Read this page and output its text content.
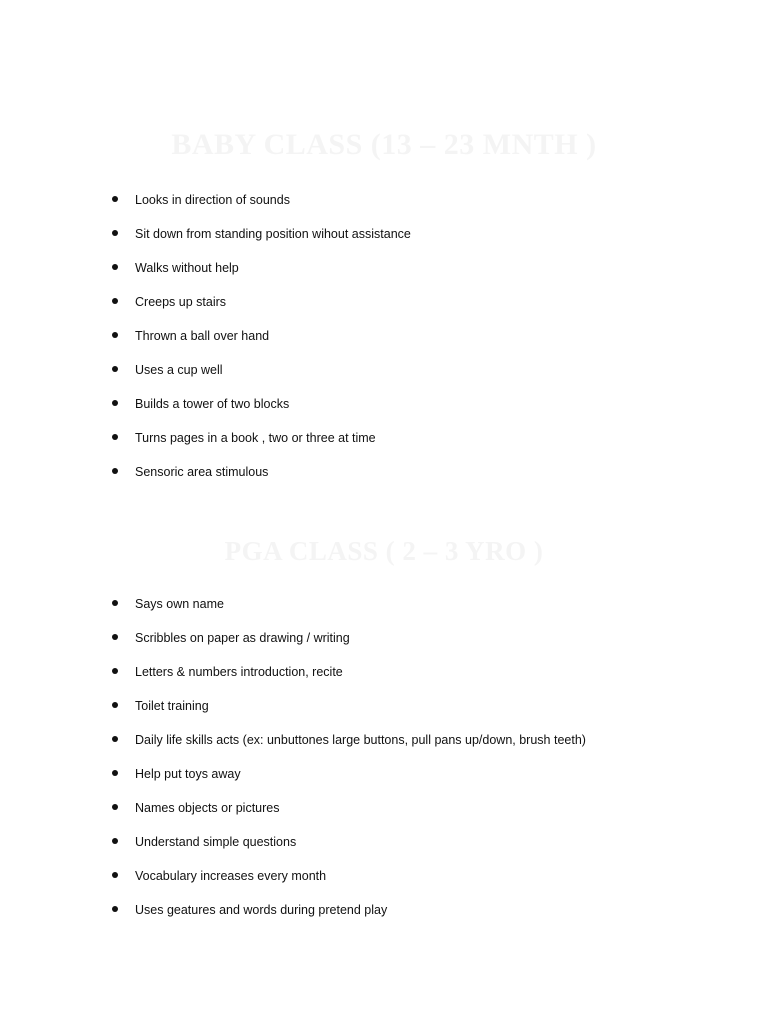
BABY CLASS (13 – 23 MNTH )
Looks in direction of sounds
Sit down from standing position wihout assistance
Walks without help
Creeps up stairs
Thrown a ball over hand
Uses a cup well
Builds a tower of two blocks
Turns pages in a book , two or three at time
Sensoric area stimulous
PGA CLASS ( 2 – 3 YRO )
Says own name
Scribbles on paper as drawing / writing
Letters & numbers introduction, recite
Toilet training
Daily life skills acts (ex: unbuttones large buttons, pull pans up/down, brush teeth)
Help put toys away
Names objects or pictures
Understand simple questions
Vocabulary increases every month
Uses geatures and words during pretend play
